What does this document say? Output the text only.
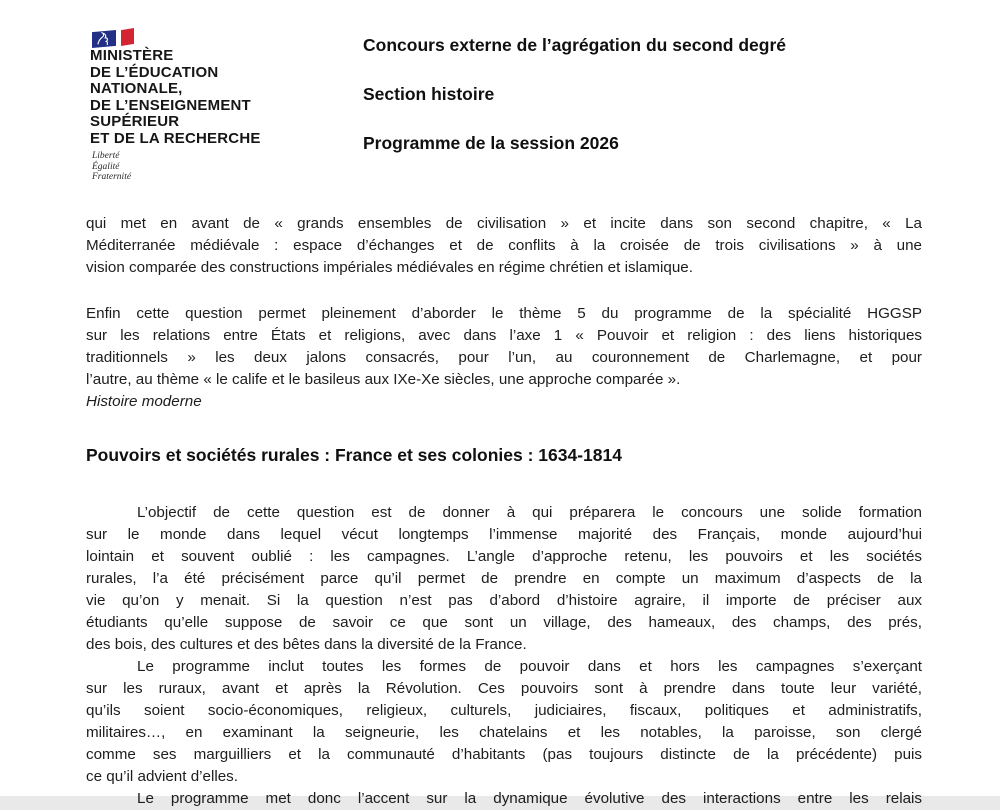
MINISTÈRE
DE L’ÉDUCATION
NATIONALE,
DE L’ENSEIGNEMENT
SUPÉRIEUR
ET DE LA RECHERCHE
Liberté
Égalité
Fraternité
Concours externe de l’agrégation du second degré
Section histoire
Programme de la session 2026
qui met en avant de « grands ensembles de civilisation » et incite dans son second chapitre, « La
Méditerranée médiévale : espace d’échanges et de conflits à la croisée de trois civilisations » à une
vision comparée des constructions impériales médiévales en régime chrétien et islamique.
Enfin cette question permet pleinement d’aborder le thème 5 du programme de la spécialité HGGSP
sur les relations entre États et religions, avec dans l’axe 1 « Pouvoir et religion : des liens historiques
traditionnels » les deux jalons consacrés, pour l’un, au couronnement de Charlemagne, et pour
l’autre, au thème « le calife et le basileus aux IXe-Xe siècles, une approche comparée ».
Histoire moderne
Pouvoirs et sociétés rurales : France et ses colonies : 1634-1814
L’objectif de cette question est de donner à qui préparera le concours une solide formation
sur le monde dans lequel vécut longtemps l’immense majorité des Français, monde aujourd’hui
lointain et souvent oublié : les campagnes. L’angle d’approche retenu, les pouvoirs et les sociétés
rurales, l’a été précisément parce qu’il permet de prendre en compte un maximum d’aspects de la
vie qu’on y menait. Si la question n’est pas d’abord d’histoire agraire, il importe de préciser aux
étudiants qu’elle suppose de savoir ce que sont un village, des hameaux, des champs, des prés,
des bois, des cultures et des bêtes dans la diversité de la France.
Le programme inclut toutes les formes de pouvoir dans et hors les campagnes s’exerçant
sur les ruraux, avant et après la Révolution. Ces pouvoirs sont à prendre dans toute leur variété,
qu’ils soient socio-économiques, religieux, culturels, judiciaires, fiscaux, politiques et administratifs,
militaires…, en examinant la seigneurie, les chatelains et les notables, la paroisse, son clergé
comme ses marguilliers et la communauté d’habitants (pas toujours distincte de la précédente) puis
ce qu’il advient d’elles.
Le programme met donc l’accent sur la dynamique évolutive des interactions entre les relais
